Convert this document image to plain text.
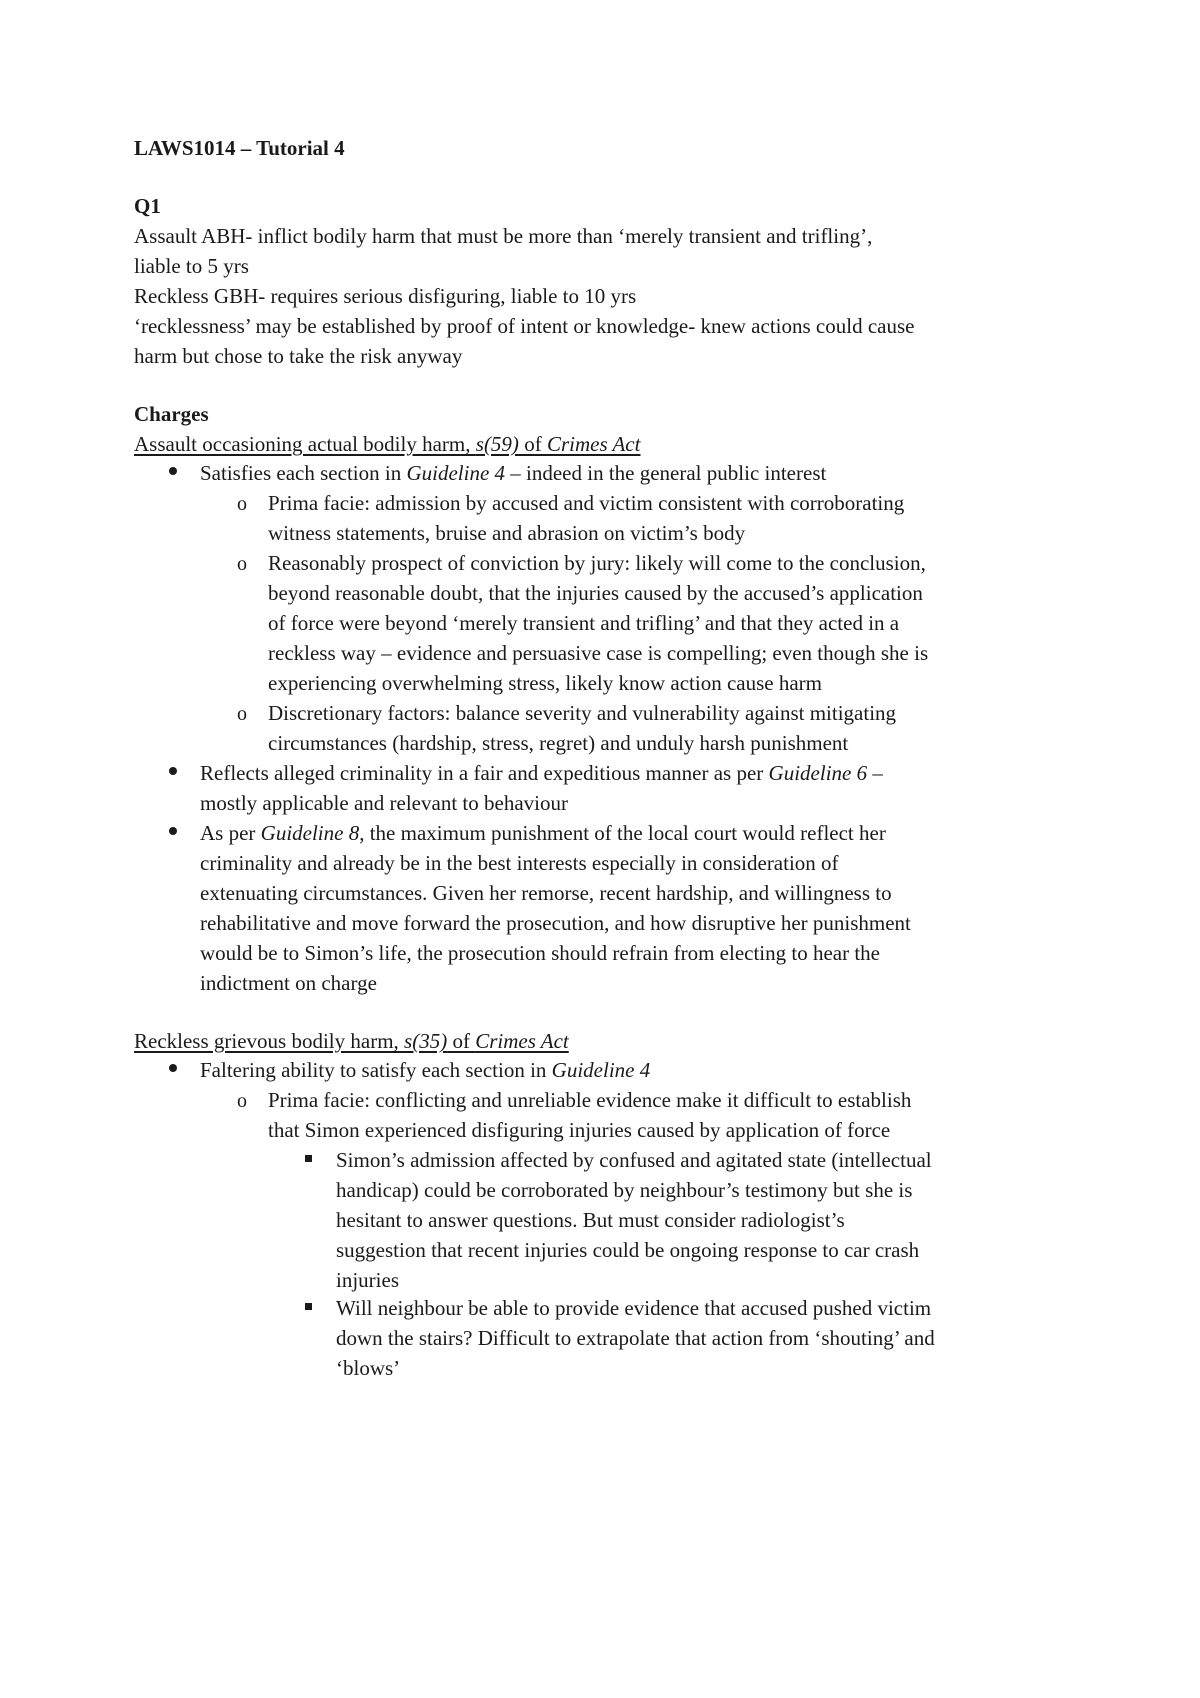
LAWS1014 – Tutorial 4
Q1
Assault ABH- inflict bodily harm that must be more than ‘merely transient and trifling’,
liable to 5 yrs
Reckless GBH- requires serious disfiguring, liable to 10 yrs
‘recklessness’ may be established by proof of intent or knowledge- knew actions could cause
harm but chose to take the risk anyway
Charges
Assault occasioning actual bodily harm, s(59) of Crimes Act
Satisfies each section in Guideline 4 – indeed in the general public interest
o Prima facie: admission by accused and victim consistent with corroborating
witness statements, bruise and abrasion on victim’s body
o Reasonably prospect of conviction by jury: likely will come to the conclusion,
beyond reasonable doubt, that the injuries caused by the accused’s application
of force were beyond ‘merely transient and trifling’ and that they acted in a
reckless way – evidence and persuasive case is compelling; even though she is
experiencing overwhelming stress, likely know action cause harm
o Discretionary factors: balance severity and vulnerability against mitigating
circumstances (hardship, stress, regret) and unduly harsh punishment
Reflects alleged criminality in a fair and expeditious manner as per Guideline 6 –
mostly applicable and relevant to behaviour
As per Guideline 8, the maximum punishment of the local court would reflect her
criminality and already be in the best interests especially in consideration of
extenuating circumstances. Given her remorse, recent hardship, and willingness to
rehabilitative and move forward the prosecution, and how disruptive her punishment
would be to Simon’s life, the prosecution should refrain from electing to hear the
indictment on charge
Reckless grievous bodily harm, s(35) of Crimes Act
Faltering ability to satisfy each section in Guideline 4
o Prima facie: conflicting and unreliable evidence make it difficult to establish
that Simon experienced disfiguring injuries caused by application of force
Simon’s admission affected by confused and agitated state (intellectual
handicap) could be corroborated by neighbour’s testimony but she is
hesitant to answer questions. But must consider radiologist’s
suggestion that recent injuries could be ongoing response to car crash
injuries
Will neighbour be able to provide evidence that accused pushed victim
down the stairs? Difficult to extrapolate that action from ‘shouting’ and
‘blows’
